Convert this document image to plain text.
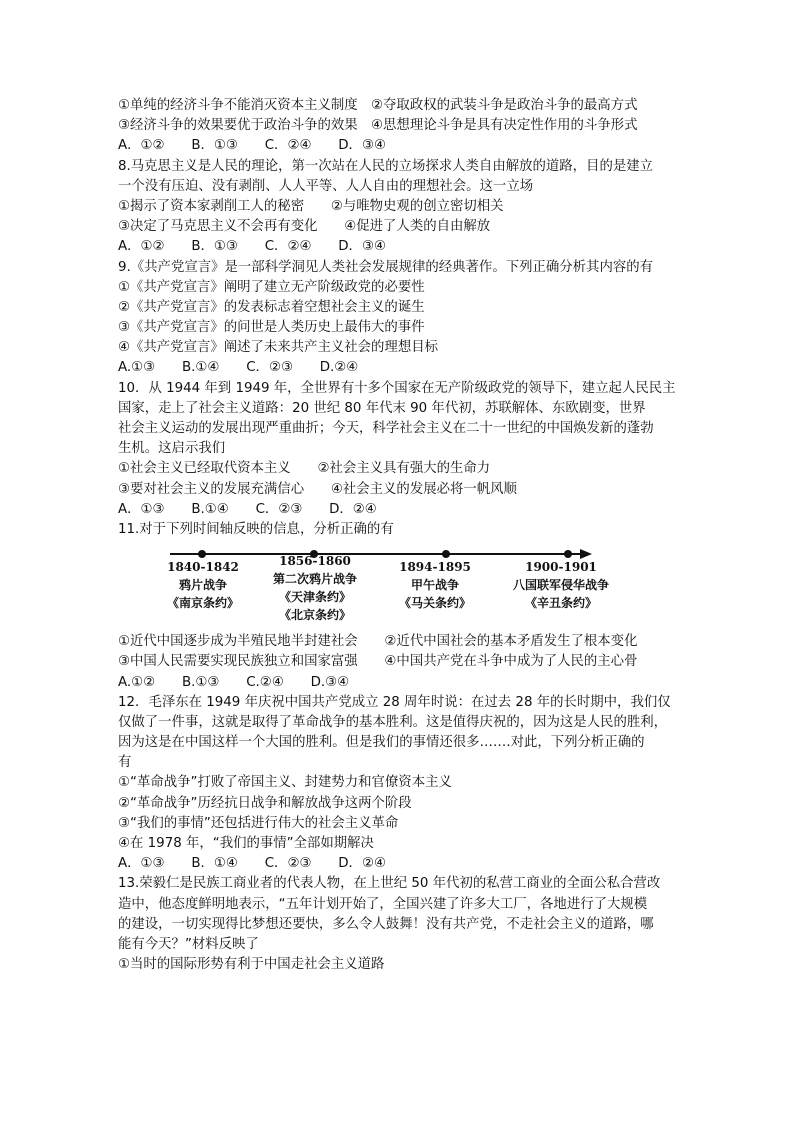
①单纯的经济斗争不能消灭资本主义制度　②夺取政权的武装斗争是政治斗争的最高方式
③经济斗争的效果要优于政治斗争的效果　④思想理论斗争是具有决定性作用的斗争形式
A．①②　　B．①③　　C．②④　　D．③④
8.马克思主义是人民的理论，第一次站在人民的立场探求人类自由解放的道路，目的是建立
一个没有压迫、没有剥削、人人平等、人人自由的理想社会。这一立场
①揭示了资本家剥削工人的秘密　　②与唯物史观的创立密切相关
③决定了马克思主义不会再有变化　　④促进了人类的自由解放
A．①②　　B．①③　　C．②④　　D．③④
9.《共产党宣言》是一部科学洞见人类社会发展规律的经典著作。下列正确分析其内容的有
①《共产党宣言》阐明了建立无产阶级政党的必要性
②《共产党宣言》的发表标志着空想社会主义的诞生
③《共产党宣言》的问世是人类历史上最伟大的事件
④《共产党宣言》阐述了未来共产主义社会的理想目标
A.①③　　B.①④　　C．②③　　D.②④
10．从 1944 年到 1949 年，全世界有十多个国家在无产阶级政党的领导下，建立起人民民主
国家，走上了社会主义道路：20 世纪 80 年代末 90 年代初，苏联解体、东欧剧变，世界
社会主义运动的发展出现严重曲折；今天，科学社会主义在二十一世纪的中国焕发新的蓬勃
生机。这启示我们
①社会主义已经取代资本主义　　②社会主义具有强大的生命力
③要对社会主义的发展充满信心　　④社会主义的发展必将一帆风顺
A．①③　　B.①④　　C．②③　　D．②④
11.对于下列时间轴反映的信息，分析正确的有
1840-1842
鸦片战争
《南京条约》
1856-1860
第二次鸦片战争
《天津条约》
《北京条约》
1894-1895
甲午战争
《马关条约》
1900-1901
八国联军侵华战争
《辛丑条约》
①近代中国逐步成为半殖民地半封建社会　　②近代中国社会的基本矛盾发生了根本变化
③中国人民需要实现民族独立和国家富强　　④中国共产党在斗争中成为了人民的主心骨
A.①②　　B.①③　　C.②④　　D.③④
12．毛泽东在 1949 年庆祝中国共产党成立 28 周年时说：在过去 28 年的长时期中，我们仅
仅做了一件事，这就是取得了革命战争的基本胜利。这是值得庆祝的，因为这是人民的胜利，
因为这是在中国这样一个大国的胜利。但是我们的事情还很多…….对此，下列分析正确的
有
①“革命战争”打败了帝国主义、封建势力和官僚资本主义
②“革命战争”历经抗日战争和解放战争这两个阶段
③“我们的事情”还包括进行伟大的社会主义革命
④在 1978 年，“我们的事情”全部如期解决
A．①③　　B．①④　　C．②③　　D．②④
13.荣毅仁是民族工商业者的代表人物，在上世纪 50 年代初的私营工商业的全面公私合营改
造中，他态度鲜明地表示，“五年计划开始了，全国兴建了许多大工厂，各地进行了大规模
的建设，一切实现得比梦想还要快，多么令人鼓舞！没有共产党，不走社会主义的道路，哪
能有今天？”材料反映了
①当时的国际形势有利于中国走社会主义道路
